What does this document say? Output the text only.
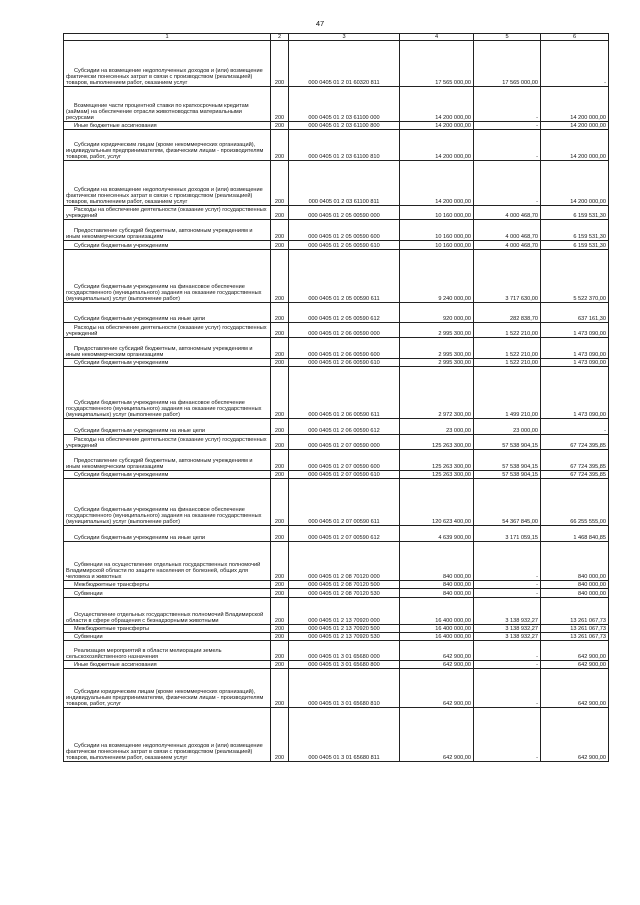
47
1	2	3	4	5	6

Субсидии на возмещение недополученных доходов и (или) возмещение фактически понесенных затрат в связи с производством (реализацией) товаров, выполнением работ, оказанием услуг	200	000 0405 01 2 01 60320 811	17 565 000,00	17 565 000,00	-

Возмещение части процентной ставки по краткосрочным кредитам (займам) на обеспечение отрасли животноводства материальными ресурсами	200	000 0405 01 2 03 61100 000	14 200 000,00	-	14 200 000,00

Иные бюджетные ассигнования	200	000 0405 01 2 03 61100 800	14 200 000,00	-	14 200 000,00

Субсидии юридическим лицам (кроме некоммерческих организаций), индивидуальным предпринимателям, физическим лицам - производителям товаров, работ, услуг	200	000 0405 01 2 03 61100 810	14 200 000,00	-	14 200 000,00

Субсидии на возмещение недополученных доходов и (или) возмещение фактически понесенных затрат в связи с производством (реализацией) товаров, выполнением работ, оказанием услуг	200	000 0405 01 2 03 61100 811	14 200 000,00	-	14 200 000,00

Расходы на обеспечение деятельности (оказание услуг) государственных учреждений	200	000 0405 01 2 05 00590 000	10 160 000,00	4 000 468,70	6 159 531,30

Предоставление субсидий бюджетным, автономным учреждениям и иным некоммерческим организациям	200	000 0405 01 2 05 00590 600	10 160 000,00	4 000 468,70	6 159 531,30

Субсидии бюджетным учреждениям	200	000 0405 01 2 05 00590 610	10 160 000,00	4 000 468,70	6 159 531,30

Субсидии бюджетным учреждениям на финансовое обеспечение государственного (муниципального) задания на оказание государственных (муниципальных) услуг (выполнение работ)	200	000 0405 01 2 05 00590 611	9 240 000,00	3 717 630,00	5 522 370,00

Субсидии бюджетным учреждениям на иные цели	200	000 0405 01 2 05 00590 612	920 000,00	282 838,70	637 161,30

Расходы на обеспечение деятельности (оказание услуг) государственных учреждений	200	000 0405 01 2 06 00590 000	2 995 300,00	1 522 210,00	1 473 090,00

Предоставление субсидий бюджетным, автономным учреждениям и иным некоммерческим организациям	200	000 0405 01 2 06 00590 600	2 995 300,00	1 522 210,00	1 473 090,00

Субсидии бюджетным учреждениям	200	000 0405 01 2 06 00590 610	2 995 300,00	1 522 210,00	1 473 090,00

Субсидии бюджетным учреждениям на финансовое обеспечение государственного (муниципального) задания на оказание государственных (муниципальных) услуг (выполнение работ)	200	000 0405 01 2 06 00590 611	2 972 300,00	1 499 210,00	1 473 090,00

Субсидии бюджетным учреждениям на иные цели	200	000 0405 01 2 06 00590 612	23 000,00	23 000,00	-

Расходы на обеспечение деятельности (оказание услуг) государственных учреждений	200	000 0405 01 2 07 00590 000	125 263 300,00	57 538 904,15	67 724 395,85

Предоставление субсидий бюджетным, автономным учреждениям и иным некоммерческим организациям	200	000 0405 01 2 07 00590 600	125 263 300,00	57 538 904,15	67 724 395,85

Субсидии бюджетным учреждениям	200	000 0405 01 2 07 00590 610	125 263 300,00	57 538 904,15	67 724 395,85

Субсидии бюджетным учреждениям на финансовое обеспечение государственного (муниципального) задания на оказание государственных (муниципальных) услуг (выполнение работ)	200	000 0405 01 2 07 00590 611	120 623 400,00	54 367 845,00	66 255 555,00

Субсидии бюджетным учреждениям на иные цели	200	000 0405 01 2 07 00590 612	4 639 900,00	3 171 059,15	1 468 840,85

Субвенции на осуществление отдельных государственных полномочий Владимирской области по защите населения от болезней, общих для человека и животных	200	000 0405 01 2 08 70120 000	840 000,00	-	840 000,00

Межбюджетные трансферты	200	000 0405 01 2 08 70120 500	840 000,00	-	840 000,00

Субвенции	200	000 0405 01 2 08 70120 530	840 000,00	-	840 000,00

Осуществление отдельных государственных полномочий Владимирской области в сфере обращения с безнадзорными животными	200	000 0405 01 2 13 70920 000	16 400 000,00	3 138 932,27	13 261 067,73

Межбюджетные трансферты	200	000 0405 01 2 13 70920 500	16 400 000,00	3 138 932,27	13 261 067,73

Субвенции	200	000 0405 01 2 13 70920 530	16 400 000,00	3 138 932,27	13 261 067,73

Реализация мероприятий в области мелиорации земель сельскохозяйственного назначения	200	000 0405 01 3 01 65680 000	642 900,00	-	642 900,00

Иные бюджетные ассигнования	200	000 0405 01 3 01 65680 800	642 900,00	-	642 900,00

Субсидии юридическим лицам (кроме некоммерческих организаций), индивидуальным предпринимателям, физическим лицам - производителям товаров, работ, услуг	200	000 0405 01 3 01 65680 810	642 900,00	-	642 900,00

Субсидии на возмещение недополученных доходов и (или) возмещение фактически понесенных затрат в связи с производством (реализацией) товаров, выполнением работ, оказанием услуг	200	000 0405 01 3 01 65680 811	642 900,00	-	642 900,00
